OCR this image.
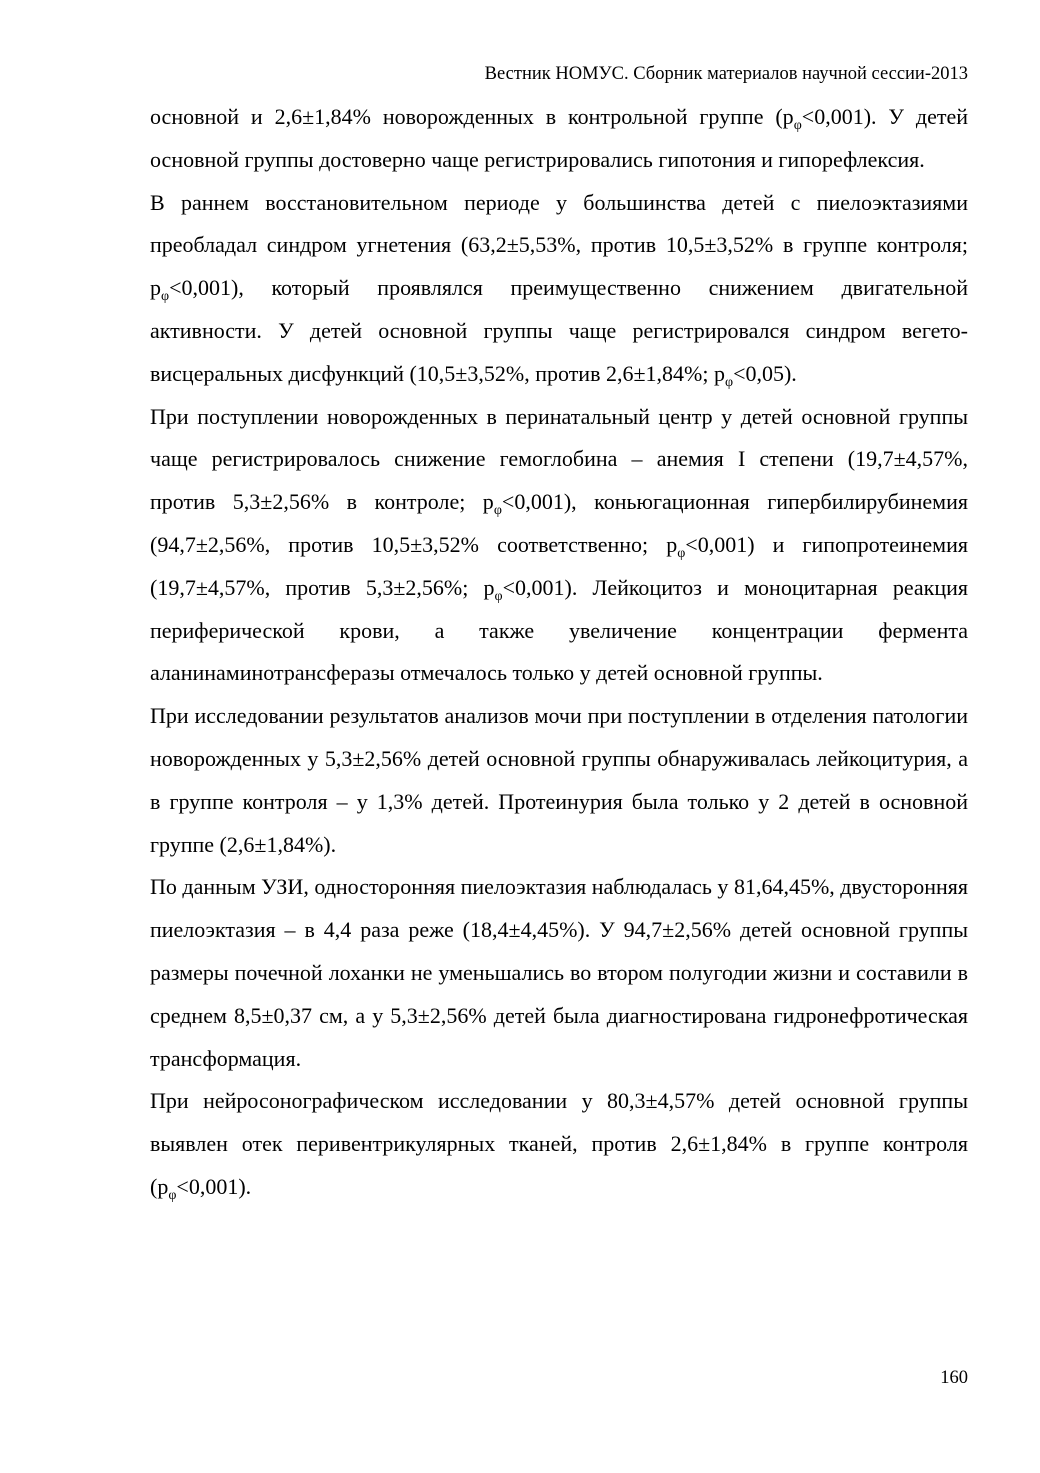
Вестник НОМУС. Сборник материалов научной сессии-2013

основной и 2,6±1,84% новорожденных в контрольной группе $(p_\varphi<0,001)$. У детей основной группы достоверно чаще регистрировались гипотония и гипорефлексия.

В раннем восстановительном периоде у большинства детей с пиелоэктазиями преобладал синдром угнетения (63,2±5,53%, против 10,5±3,52% в группе контроля; $p_\varphi<0,001$), который проявлялся преимущественно снижением двигательной активности. У детей основной группы чаще регистрировался синдром вегето-висцеральных дисфункций (10,5±3,52%, против 2,6±1,84%; $p_\varphi<0,05$).

При поступлении новорожденных в перинатальный центр у детей основной группы чаще регистрировалось снижение гемоглобина – анемия I степени (19,7±4,57%, против 5,3±2,56% в контроле; $p_\varphi<0,001$), коньюгационная гипербилирубинемия (94,7±2,56%, против 10,5±3,52% соответственно; $p_\varphi<0,001$) и гипопротеинемия (19,7±4,57%, против 5,3±2,56%; $p_\varphi<0,001$). Лейкоцитоз и моноцитарная реакция периферической крови, а также увеличение концентрации фермента аланинаминотрансферазы отмечалось только у детей основной группы.

При исследовании результатов анализов мочи при поступлении в отделения патологии новорожденных у 5,3±2,56% детей основной группы обнаруживалась лейкоцитурия, а в группе контроля – у 1,3% детей. Протеинурия была только у 2 детей в основной группе (2,6±1,84%).

По данным УЗИ, односторонняя пиелоэктазия наблюдалась у 81,64,45%, двусторонняя пиелоэктазия – в 4,4 раза реже (18,4±4,45%). У 94,7±2,56% детей основной группы размеры почечной лоханки не уменьшались во втором полугодии жизни и составили в среднем 8,5±0,37 см, а у 5,3±2,56% детей была диагностирована гидронефротическая трансформация.

При нейросонографическом исследовании у 80,3±4,57% детей основной группы выявлен отек перивентрикулярных тканей, против 2,6±1,84% в группе контроля $(p_\varphi<0,001)$.

160
